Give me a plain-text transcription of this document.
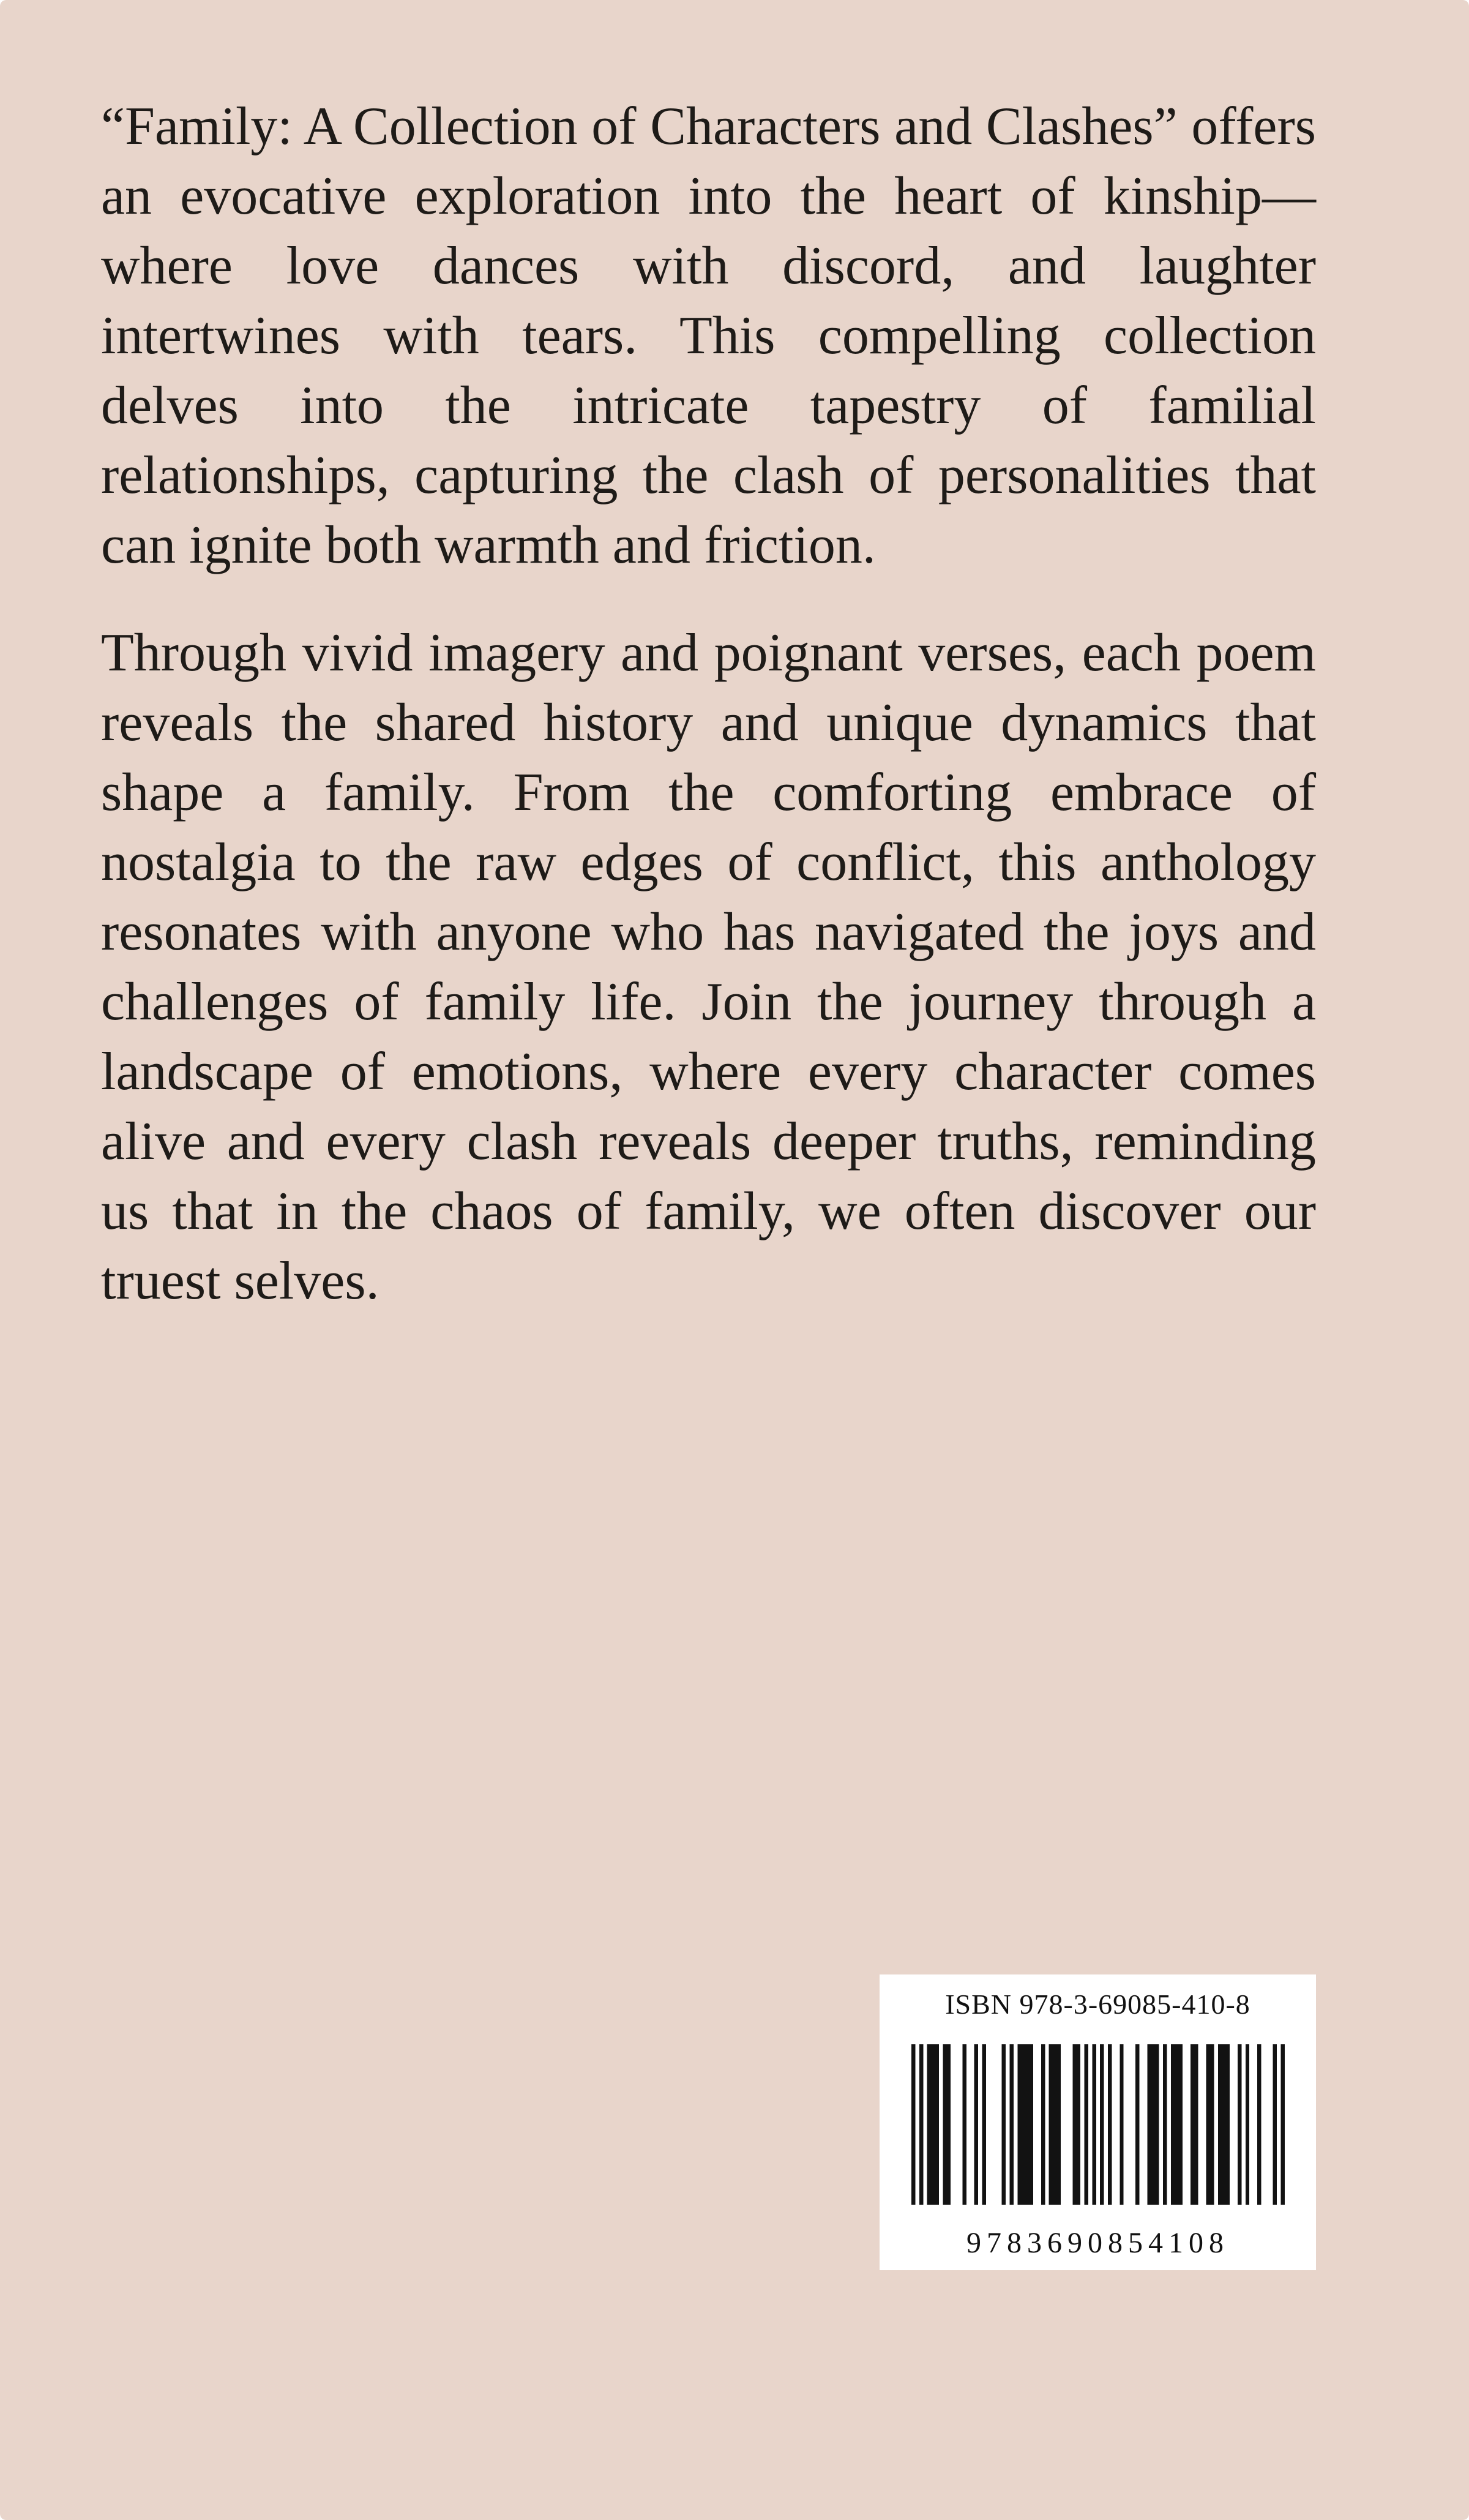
“Family: A Collection of Characters and Clashes” offers an evocative exploration into the heart of kinship—where love dances with discord, and laughter intertwines with tears. This compelling collection delves into the intricate tapestry of familial relationships, capturing the clash of personalities that can ignite both warmth and friction.

Through vivid imagery and poignant verses, each poem reveals the shared history and unique dynamics that shape a family. From the comforting embrace of nostalgia to the raw edges of conflict, this anthology resonates with anyone who has navigated the joys and challenges of family life. Join the journey through a landscape of emotions, where every character comes alive and every clash reveals deeper truths, reminding us that in the chaos of family, we often discover our truest selves.

ISBN 978-3-69085-410-8
9783690854108
